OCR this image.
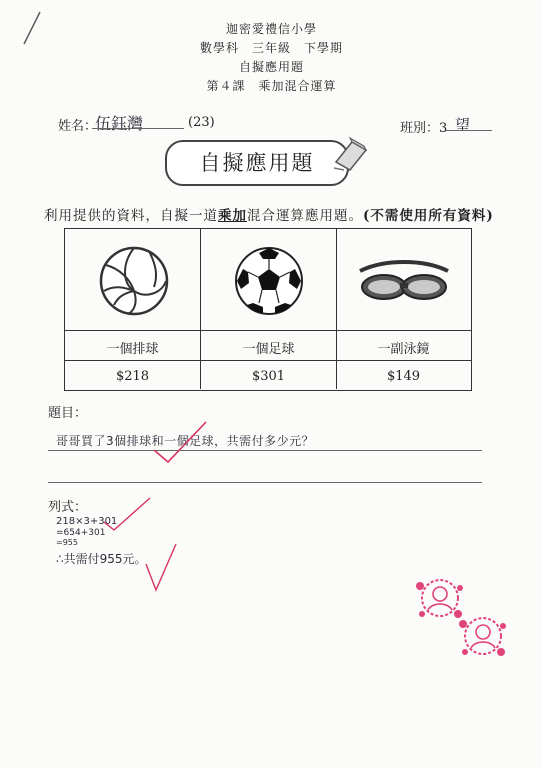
迦密愛禮信小學
數學科　三年級　下學期
自擬應用題
第４課　乘加混合運算
姓名：
伍鈺灣	(23)	班別：3 望
自擬應用題
利用提供的資料，自擬一道乘加混合運算應用題。(不需使用所有資料)
一個排球
$218
一個足球
$301
一副泳鏡
$149
題目：
哥哥買了3個排球和一個足球，共需付多少元？
列式：
218×3+301
=654+301
=955
∴共需付955元。
